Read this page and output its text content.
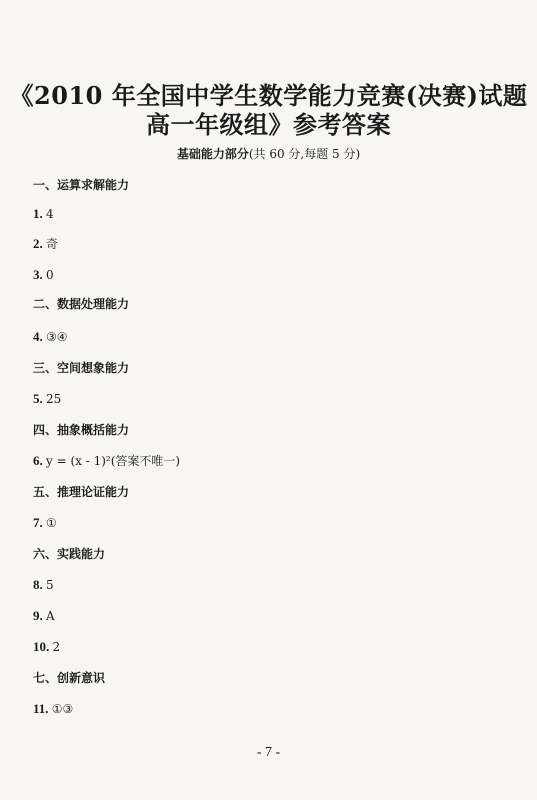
《2010 年全国中学生数学能力竞赛(决赛)试题
高一年级组》参考答案
基础能力部分(共 60 分,每题 5 分)
一、运算求解能力
1. 4
2. 奇
3. 0
二、数据处理能力
4. ③④
三、空间想象能力
5. 25
四、抽象概括能力
6. y = (x - 1)²(答案不唯一)
五、推理论证能力
7. ①
六、实践能力
8. 5
9. A
10. 2
七、创新意识
11. ①③
- 7 -
